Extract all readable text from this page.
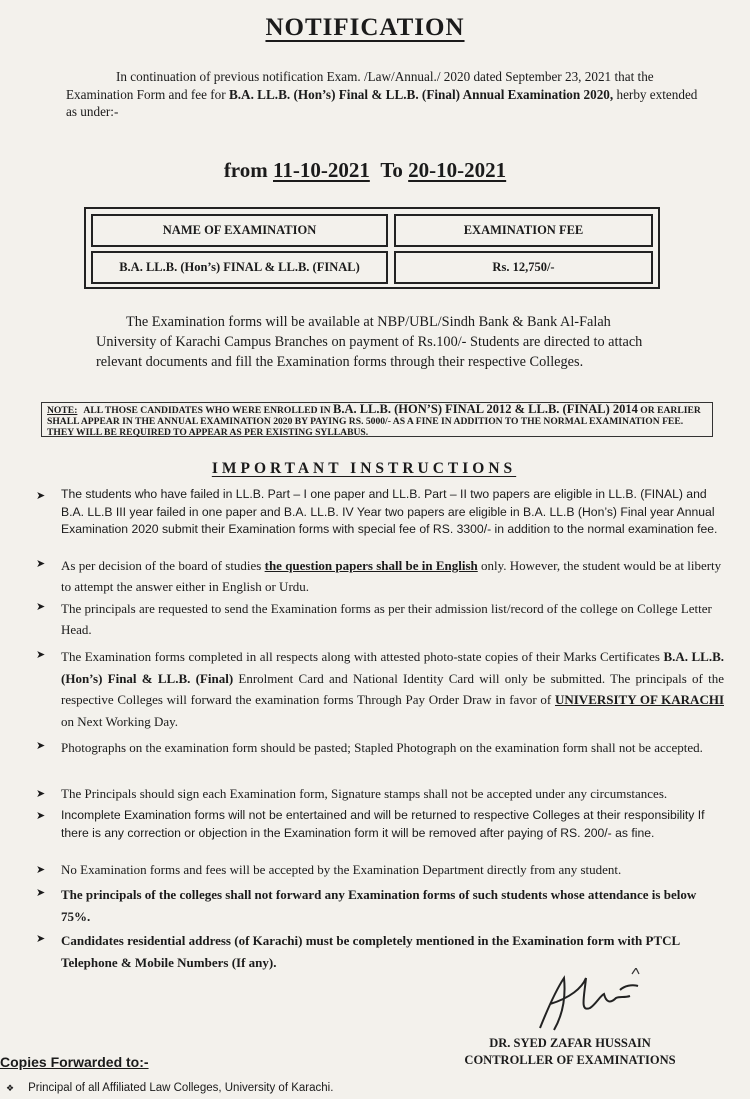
NOTIFICATION
In continuation of previous notification Exam. /Law/Annual./ 2020 dated September 23, 2021 that the Examination Form and fee for B.A. LL.B. (Hon’s) Final & LL.B. (Final) Annual Examination 2020, herby extended as under:-
from 11-10-2021 To 20-10-2021
NAME OF EXAMINATION	EXAMINATION FEE
B.A. LL.B. (Hon’s) FINAL & LL.B. (FINAL)	Rs. 12,750/-
The Examination forms will be available at NBP/UBL/Sindh Bank & Bank Al-Falah University of Karachi Campus Branches on payment of Rs.100/- Students are directed to attach relevant documents and fill the Examination forms through their respective Colleges.
NOTE: ALL THOSE CANDIDATES WHO WERE ENROLLED IN B.A. LL.B. (HON’S) FINAL 2012 & LL.B. (FINAL) 2014 OR EARLIER SHALL APPEAR IN THE ANNUAL EXAMINATION 2020 BY PAYING RS. 5000/- AS A FINE IN ADDITION TO THE NORMAL EXAMINATION FEE. THEY WILL BE REQUIRED TO APPEAR AS PER EXISTING SYLLABUS.
IMPORTANT INSTRUCTIONS
➤ The students who have failed in LL.B. Part – I one paper and LL.B. Part – II two papers are eligible in LL.B. (FINAL) and B.A. LL.B III year failed in one paper and B.A. LL.B. IV Year two papers are eligible in B.A. LL.B (Hon’s) Final year Annual Examination 2020 submit their Examination forms with special fee of RS. 3300/- in addition to the normal examination fee.
➤ As per decision of the board of studies the question papers shall be in English only. However, the student would be at liberty to attempt the answer either in English or Urdu.
➤ The principals are requested to send the Examination forms as per their admission list/record of the college on College Letter Head.
➤ The Examination forms completed in all respects along with attested photo-state copies of their Marks Certificates B.A. LL.B. (Hon’s) Final & LL.B. (Final) Enrolment Card and National Identity Card will only be submitted. The principals of the respective Colleges will forward the examination forms Through Pay Order Draw in favor of UNIVERSITY OF KARACHI on Next Working Day.
➤ Photographs on the examination form should be pasted; Stapled Photograph on the examination form shall not be accepted.
➤ The Principals should sign each Examination form, Signature stamps shall not be accepted under any circumstances.
➤ Incomplete Examination forms will not be entertained and will be returned to respective Colleges at their responsibility If there is any correction or objection in the Examination form it will be removed after paying of RS. 200/- as fine.
➤ No Examination forms and fees will be accepted by the Examination Department directly from any student.
➤ The principals of the colleges shall not forward any Examination forms of such students whose attendance is below 75%.
➤ Candidates residential address (of Karachi) must be completely mentioned in the Examination form with PTCL Telephone & Mobile Numbers (If any).
DR. SYED ZAFAR HUSSAIN
CONTROLLER OF EXAMINATIONS
Copies Forwarded to:-
❖ Principal of all Affiliated Law Colleges, University of Karachi.
